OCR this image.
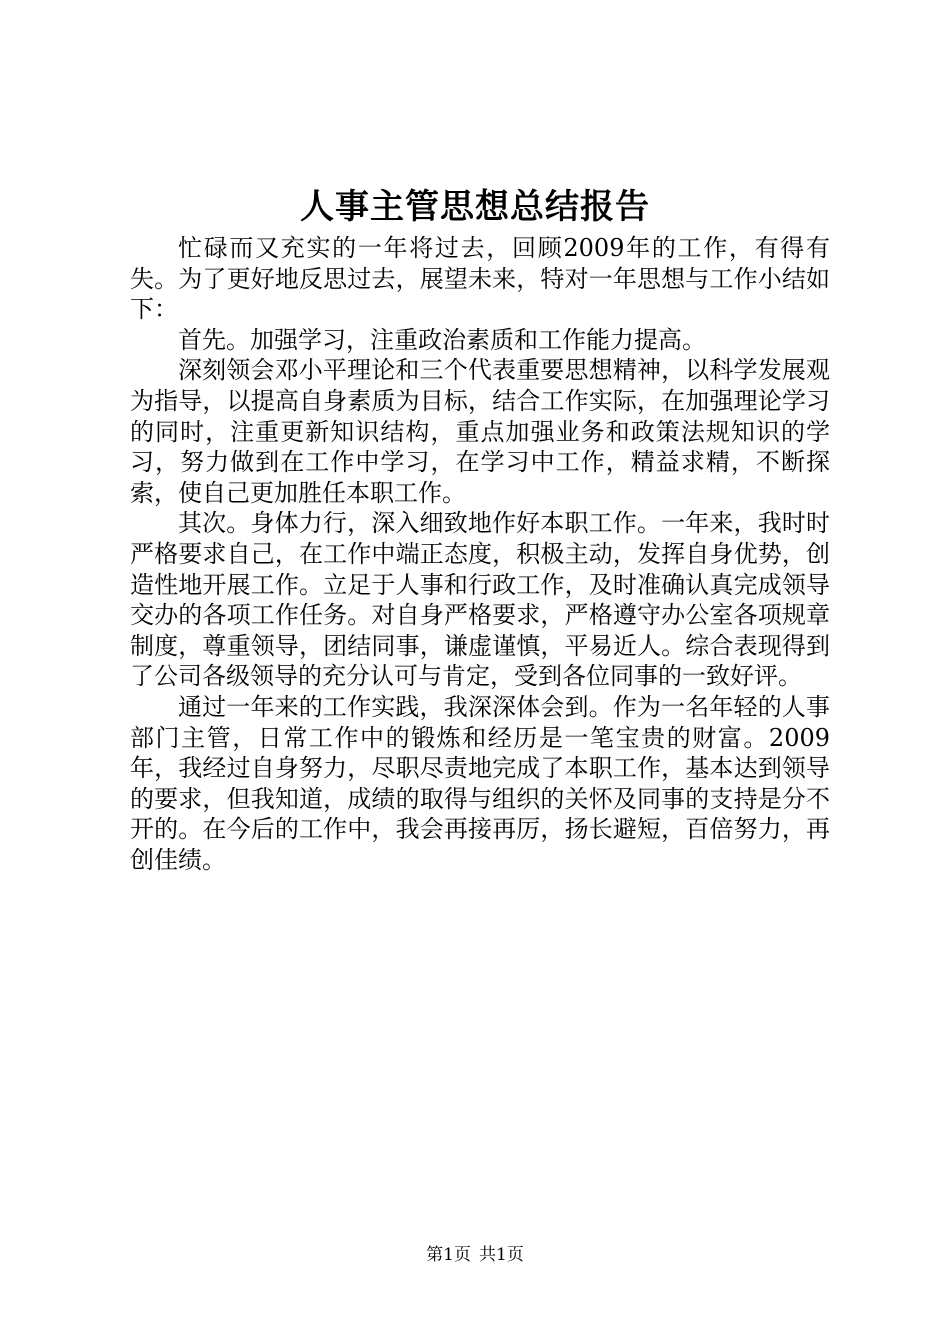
人事主管思想总结报告

忙碌而又充实的一年将过去，回顾2009年的工作，有得有失。为了更好地反思过去，展望未来，特对一年思想与工作小结如下：

首先。加强学习，注重政治素质和工作能力提高。

深刻领会邓小平理论和三个代表重要思想精神，以科学发展观为指导，以提高自身素质为目标，结合工作实际，在加强理论学习的同时，注重更新知识结构，重点加强业务和政策法规知识的学习，努力做到在工作中学习，在学习中工作，精益求精，不断探索，使自己更加胜任本职工作。

其次。身体力行，深入细致地作好本职工作。一年来，我时时严格要求自己，在工作中端正态度，积极主动，发挥自身优势，创造性地开展工作。立足于人事和行政工作，及时准确认真完成领导交办的各项工作任务。对自身严格要求，严格遵守办公室各项规章制度，尊重领导，团结同事，谦虚谨慎，平易近人。综合表现得到了公司各级领导的充分认可与肯定，受到各位同事的一致好评。

通过一年来的工作实践，我深深体会到。作为一名年轻的人事部门主管，日常工作中的锻炼和经历是一笔宝贵的财富。2009年，我经过自身努力，尽职尽责地完成了本职工作，基本达到领导的要求，但我知道，成绩的取得与组织的关怀及同事的支持是分不开的。在今后的工作中，我会再接再厉，扬长避短，百倍努力，再创佳绩。

第1页 共1页
